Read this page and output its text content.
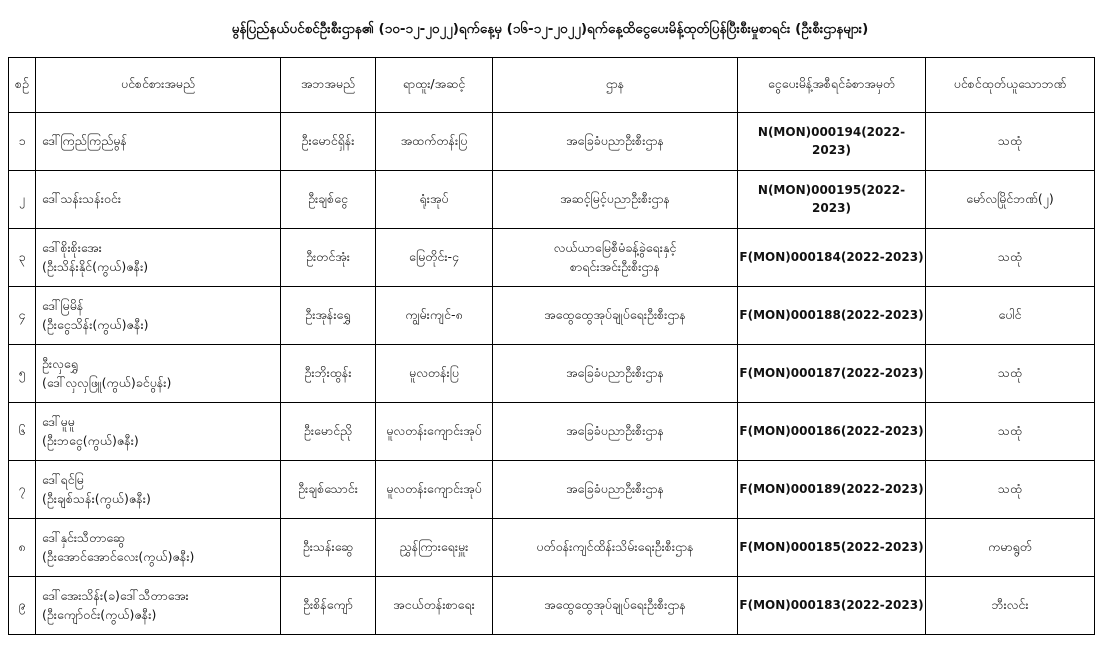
မွန်ပြည်နယ်ပင်စင်ဦးစီးဌာန၏ (၁၀-၁၂-၂၀၂၂)ရက်နေ့မှ (၁၆-၁၂-၂၀၂၂)ရက်နေ့ထိငွေပေးမိန့်ထုတ်ပြန်ပြီးစီးမှုစာရင်း (ဦးစီးဌာနများ)
စဉ်	ပင်စင်စားအမည်	အဘအမည်	ရာထူး/အဆင့်	ဌာန	ငွေပေးမိန့်အစီရင်ခံစာအမှတ်	ပင်စင်ထုတ်ယူသောဘဏ်
၁	ဒေါ်ကြည်ကြည်မွန်	ဦးမောင်ရှိန်း	အထက်တန်းပြ	အခြေခံပညာဦးစီးဌာန	N(MON)000194(2022-2023)	သထုံ
၂	ဒေါ်သန်းသန်းဝင်း	ဦးချစ်ငွေ	ရုံးအုပ်	အဆင့်မြင့်ပညာဦးစီးဌာန	N(MON)000195(2022-2023)	မော်လမြိုင်ဘဏ်(၂)
၃	ဒေါ်စိုးစိုးအေး
(ဦးသိန်းနိုင်(ကွယ်)ဇနီး)	ဦးတင်အုံး	မြေတိုင်း-၄	လယ်ယာမြေစီမံခန့်ခွဲရေးနှင့်
စာရင်းအင်းဦးစီးဌာန	F(MON)000184(2022-2023)	သထုံ
၄	ဒေါ်မြမိန်
(ဦးငွေသိန်း(ကွယ်)ဇနီး)	ဦးအုန်းရွှေ	ကျွမ်းကျင်-၈	အထွေထွေအုပ်ချုပ်ရေးဦးစီးဌာန	F(MON)000188(2022-2023)	ပေါင်
၅	ဦးလှရွှေ
(ဒေါ်လှလှဖြူ(ကွယ်)ခင်ပွန်း)	ဦးဘိုးထွန်း	မူလတန်းပြ	အခြေခံပညာဦးစီးဌာန	F(MON)000187(2022-2023)	သထုံ
၆	ဒေါ်မူမူ
(ဦးဘငွေ(ကွယ်)ဇနီး)	ဦးမောင်ညို	မူလတန်းကျောင်းအုပ်	အခြေခံပညာဦးစီးဌာန	F(MON)000186(2022-2023)	သထုံ
၇	ဒေါ်ရင်မြ
(ဦးချစ်သန်း(ကွယ်)ဇနီး)	ဦးချစ်သောင်း	မူလတန်းကျောင်းအုပ်	အခြေခံပညာဦးစီးဌာန	F(MON)000189(2022-2023)	သထုံ
၈	ဒေါ်နှင်းသီတာဆွေ
(ဦးအောင်အောင်လေး(ကွယ်)ဇနီး)	ဦးသန်းဆွေ	ညွှန်ကြားရေးမှူး	ပတ်ဝန်းကျင်ထိန်းသိမ်းရေးဦးစီးဌာန	F(MON)000185(2022-2023)	ကမာရွတ်
၉	ဒေါ်အေးသိန်း(ခ)ဒေါ်သီတာအေး
(ဦးကျော်ဝင်း(ကွယ်)ဇနီး)	ဦးစိန်ကျော်	အငယ်တန်းစာရေး	အထွေထွေအုပ်ချုပ်ရေးဦးစီးဌာန	F(MON)000183(2022-2023)	ဘီးလင်း
